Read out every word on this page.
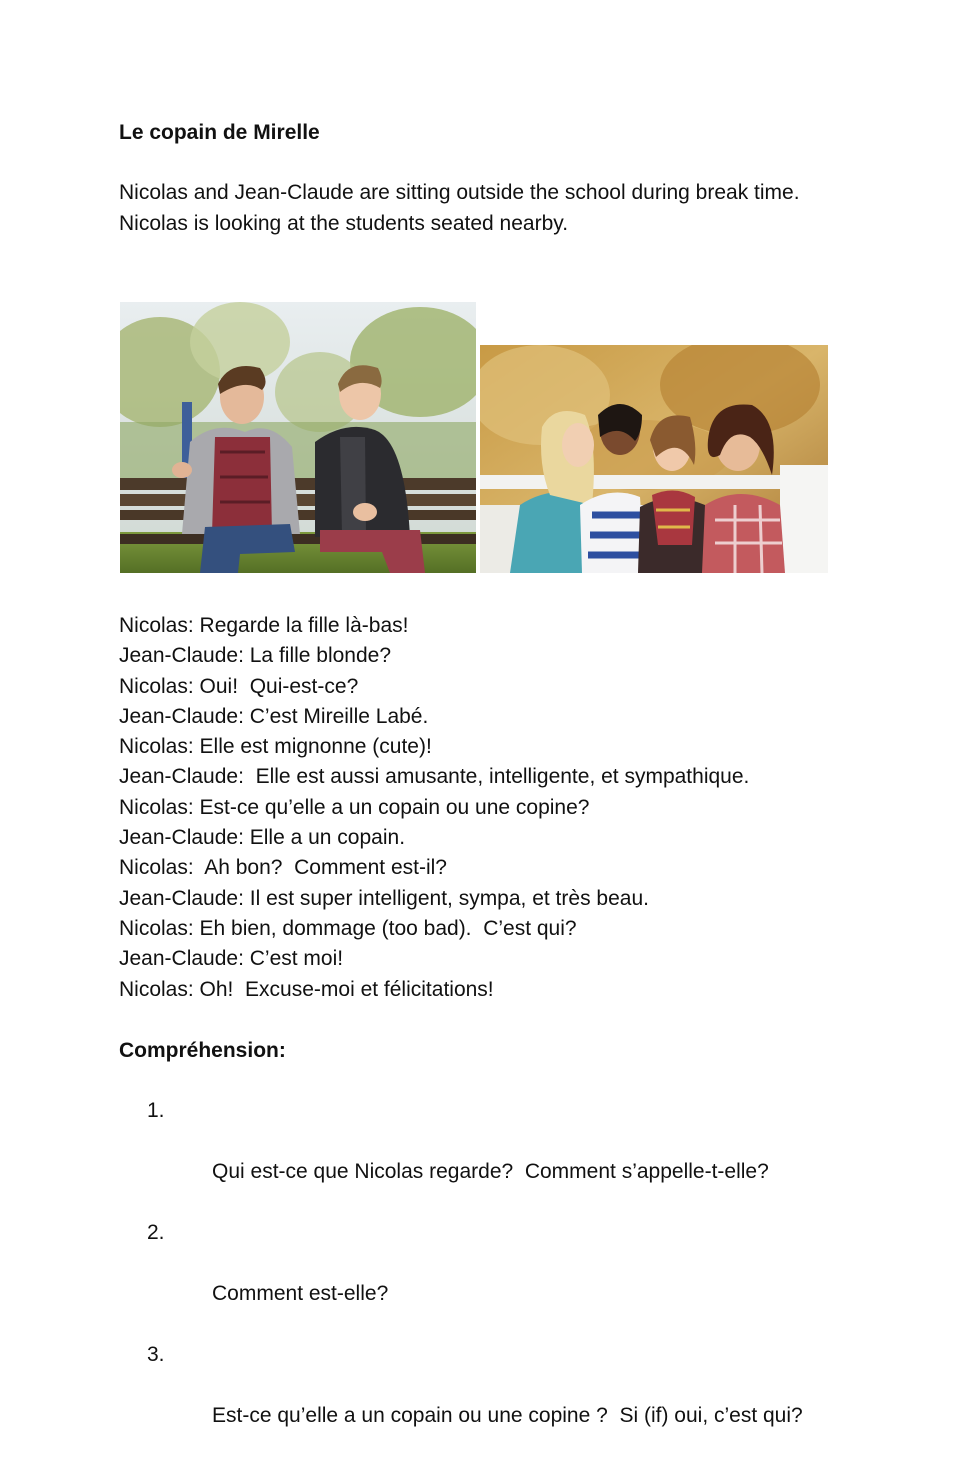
Le copain de Mirelle
Nicolas and Jean-Claude are sitting outside the school during break time. Nicolas is looking at the students seated nearby.
Nicolas: Regarde la fille là-bas!
Jean-Claude: La fille blonde?
Nicolas: Oui!  Qui-est-ce?
Jean-Claude: C’est Mireille Labé.
Nicolas: Elle est mignonne (cute)!
Jean-Claude:  Elle est aussi amusante, intelligente, et sympathique.
Nicolas: Est-ce qu’elle a un copain ou une copine?
Jean-Claude: Elle a un copain.
Nicolas:  Ah bon?  Comment est-il?
Jean-Claude: Il est super intelligent, sympa, et très beau.
Nicolas: Eh bien, dommage (too bad).  C’est qui?
Jean-Claude: C’est moi!
Nicolas: Oh!  Excuse-moi et félicitations!
Compréhension:

1.

Qui est-ce que Nicolas regarde?  Comment s’appelle-t-elle?

2.

Comment est-elle?

3.

Est-ce qu’elle a un copain ou une copine ?  Si (if) oui, c’est qui?
